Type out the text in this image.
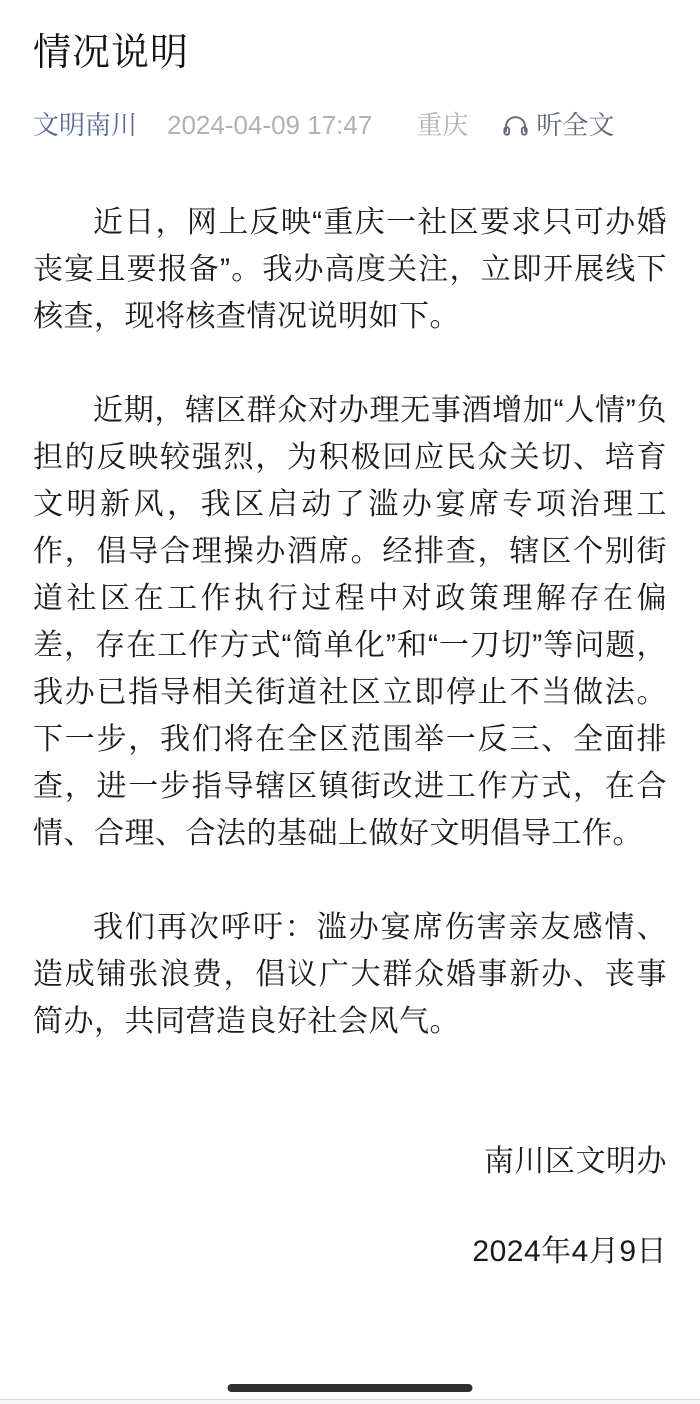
情况说明
文明南川 2024-04-09 17:47 重庆	听全文

近日，网上反映“重庆一社区要求只可办婚丧宴且要报备”。我办高度关注，立即开展线下核查，现将核查情况说明如下。

近期，辖区群众对办理无事酒增加“人情”负担的反映较强烈，为积极回应民众关切、培育文明新风，我区启动了滥办宴席专项治理工作，倡导合理操办酒席。经排查，辖区个别街道社区在工作执行过程中对政策理解存在偏差，存在工作方式“简单化”和“一刀切”等问题，我办已指导相关街道社区立即停止不当做法。下一步，我们将在全区范围举一反三、全面排查，进一步指导辖区镇街改进工作方式，在合情、合理、合法的基础上做好文明倡导工作。

我们再次呼吁：滥办宴席伤害亲友感情、造成铺张浪费，倡议广大群众婚事新办、丧事简办，共同营造良好社会风气。

南川区文明办

2024年4月9日
